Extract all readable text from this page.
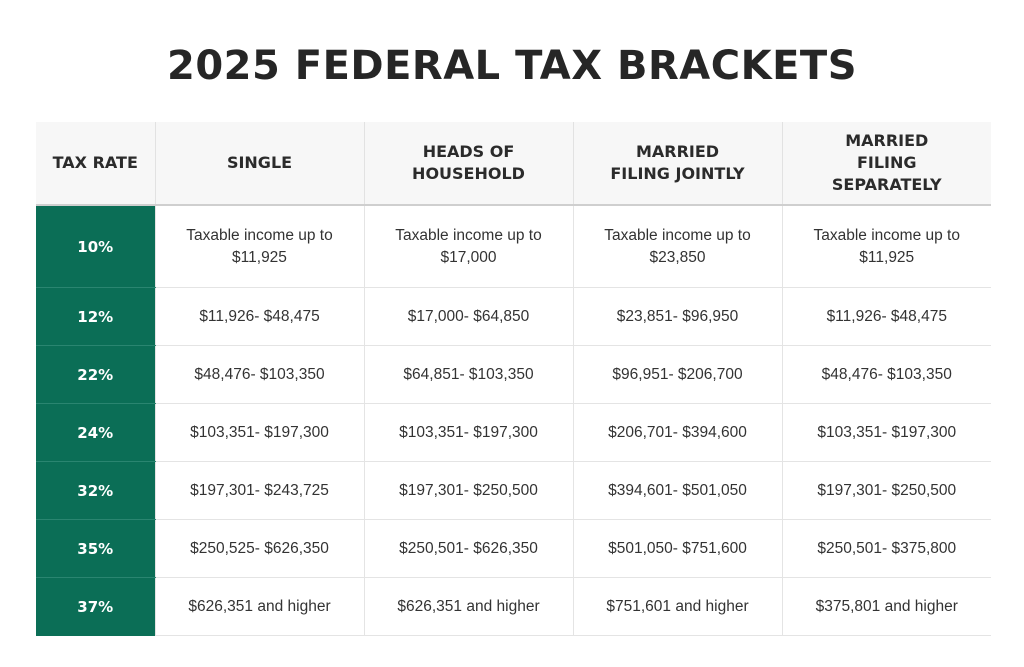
2025 FEDERAL TAX BRACKETS
TAX RATE	SINGLE	HEADS OF HOUSEHOLD	MARRIED FILING JOINTLY	MARRIED FILING SEPARATELY
10%	Taxable income up to $11,925	Taxable income up to $17,000	Taxable income up to $23,850	Taxable income up to $11,925

12%	$11,926- $48,475	$17,000- $64,850	$23,851- $96,950	$11,926- $48,475
22%	$48,476- $103,350	$64,851- $103,350	$96,951- $206,700	$48,476- $103,350
24%	$103,351- $197,300	$103,351- $197,300	$206,701- $394,600	$103,351- $197,300
32%	$197,301- $243,725	$197,301- $250,500	$394,601- $501,050	$197,301- $250,500
35%	$250,525- $626,350	$250,501- $626,350	$501,050- $751,600	$250,501- $375,800
37%	$626,351 and higher	$626,351 and higher	$751,601 and higher	$375,801 and higher
